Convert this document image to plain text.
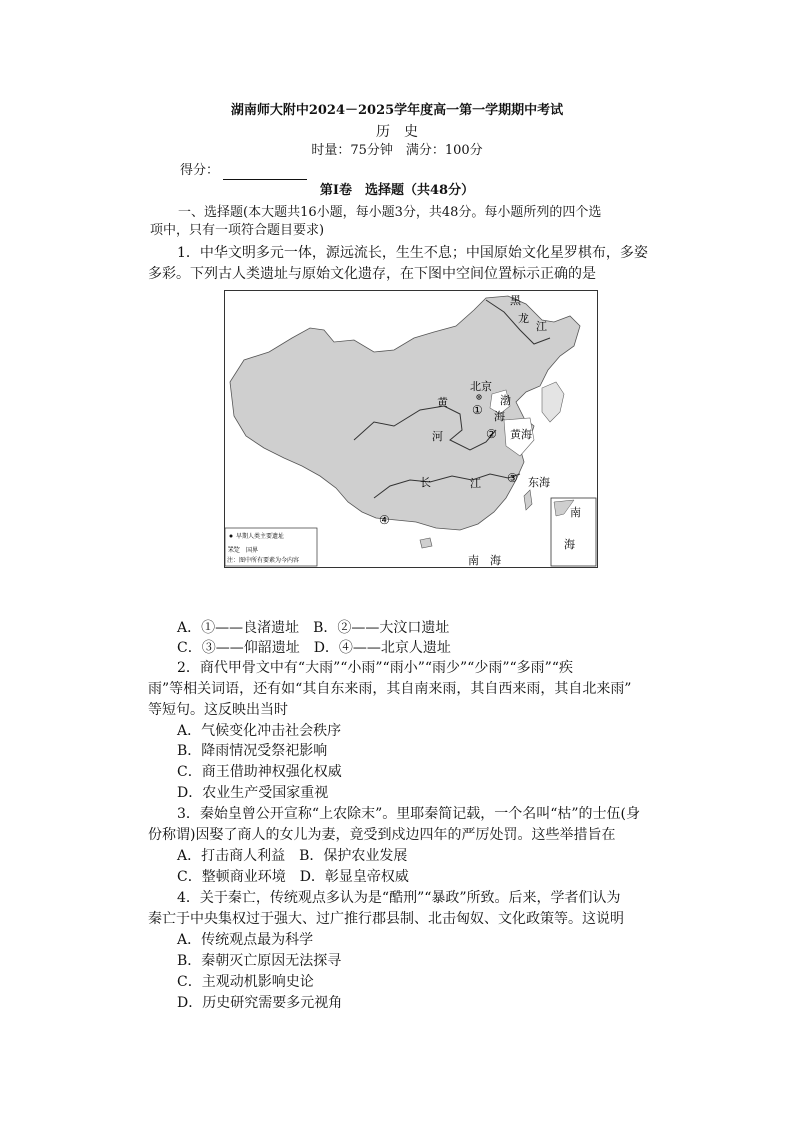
湖南师大附中2024－2025学年度高一第一学期期中考试
历　史
时量：75分钟　满分：100分
得分：
第Ⅰ卷　选择题（共48分）
一、选择题(本大题共16小题，每小题3分，共48分。每小题所列的四个选
项中，只有一项符合题目要求)
1．中华文明多元一体，源远流长，生生不息；中国原始文化星罗棋布，多姿
多彩。下列古人类遗址与原始文化遗存，在下图中空间位置标示正确的是
黑
龙
江
北京
黄
河
渤
海
黄海
东海
长	江
南　海
南
海
①
②
③
④
早期人类主要遗址
未定　国界
注：图中所有要素为今内容
A．①——良渚遗址　B．②——大汶口遗址
C．③——仰韶遗址　D．④——北京人遗址
2．商代甲骨文中有“大雨”“小雨”“雨小”“雨少”“少雨”“多雨”“疾
雨”等相关词语，还有如“其自东来雨，其自南来雨，其自西来雨，其自北来雨”
等短句。这反映出当时
A．气候变化冲击社会秩序
B．降雨情况受祭祀影响
C．商王借助神权强化权威
D．农业生产受国家重视
3．秦始皇曾公开宣称“上农除末”。里耶秦简记载，一个名叫“枯”的士伍(身
份称谓)因娶了商人的女儿为妻，竟受到戍边四年的严厉处罚。这些举措旨在
A．打击商人利益　B．保护农业发展
C．整顿商业环境　D．彰显皇帝权威
4．关于秦亡，传统观点多认为是“酷刑”“暴政”所致。后来，学者们认为
秦亡于中央集权过于强大、过广推行郡县制、北击匈奴、文化政策等。这说明
A．传统观点最为科学
B．秦朝灭亡原因无法探寻
C．主观动机影响史论
D．历史研究需要多元视角
